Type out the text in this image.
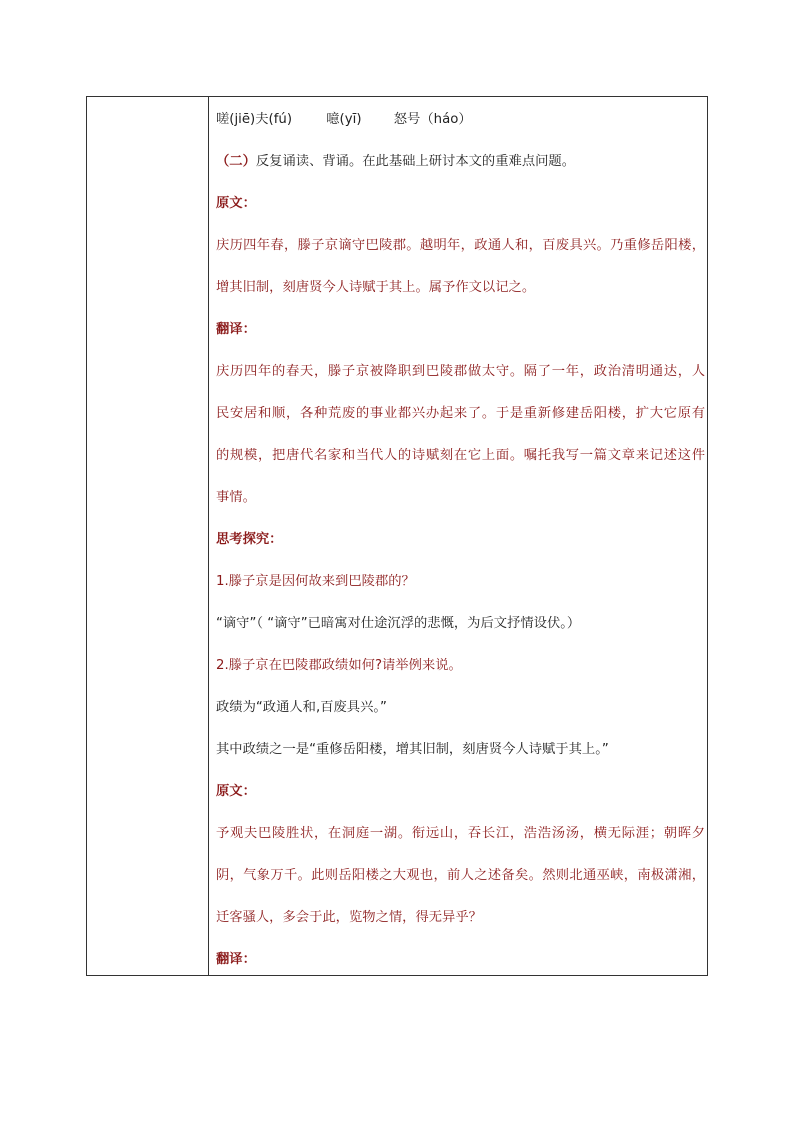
嗟(jiē)夫(fú)	噫(yī) 怒号（háo）
（二）反复诵读、背诵。在此基础上研讨本文的重难点问题。
原文：
庆历四年春，滕子京谪守巴陵郡。越明年，政通人和，百废具兴。乃重修岳阳楼，
增其旧制，刻唐贤今人诗赋于其上。属予作文以记之。
翻译：
庆历四年的春天，滕子京被降职到巴陵郡做太守。隔了一年，政治清明通达，人
民安居和顺，各种荒废的事业都兴办起来了。于是重新修建岳阳楼，扩大它原有
的规模，把唐代名家和当代人的诗赋刻在它上面。嘱托我写一篇文章来记述这件
事情。
思考探究：
1.滕子京是因何故来到巴陵郡的？
“谪守”（ “谪守”已暗寓对仕途沉浮的悲慨，为后文抒情设伏。）
2.滕子京在巴陵郡政绩如何?请举例来说。
政绩为“政通人和,百废具兴。”
其中政绩之一是“重修岳阳楼，增其旧制，刻唐贤今人诗赋于其上。”
原文：
予观夫巴陵胜状，在洞庭一湖。衔远山，吞长江，浩浩汤汤，横无际涯；朝晖夕
阴，气象万千。此则岳阳楼之大观也，前人之述备矣。然则北通巫峡，南极潇湘，
迁客骚人，多会于此，览物之情，得无异乎？
翻译：
